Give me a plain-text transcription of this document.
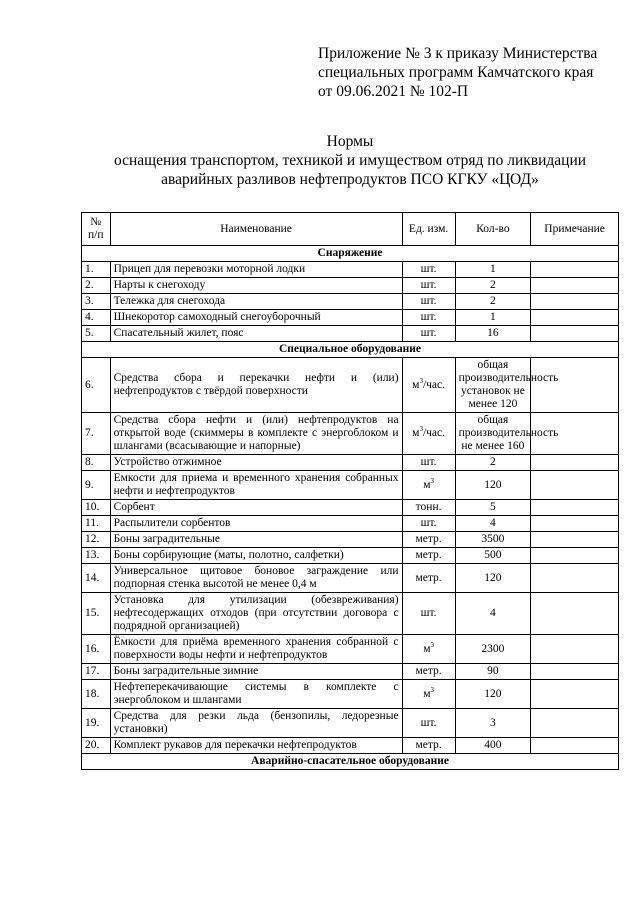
Приложение № 3 к приказу Министерства
специальных программ Камчатского края
от 09.06.2021 № 102-П
Нормы
оснащения транспортом, техникой и имуществом отряд по ликвидации
аварийных разливов нефтепродуктов ПСО КГКУ «ЦОД»
№ п/п	Наименование	Ед. изм.	Кол-во	Примечание
Снаряжение				
1.	Прицеп для перевозки моторной лодки	шт.	1	
2.	Нарты к снегоходу	шт.	2	
3.	Тележка для снегохода	шт.	2	
4.	Шнекоротор самоходный снегоуборочный	шт.	1	
5.	Спасательный жилет, пояс	шт.	16	
Специальное оборудование				
6.	Средства сбора и перекачки нефти и (или) нефтепродуктов с твёрдой поверхности	$м^3$/час.	общая производительность установок не менее 120	
7.	Средства сбора нефти и (или) нефтепродуктов на открытой воде (скиммеры в комплекте с энергоблоком и шлангами (всасывающие и напорные)	$м^3$/час.	общая производительность не менее 160	
8.	Устройство отжимное	шт.	2	
9.	Емкости для приема и временного хранения собранных нефти и нефтепродуктов	$м^3$	120	
10.	Сорбент	тонн.	5	
11.	Распылители сорбентов	шт.	4	
12.	Боны заградительные	метр.	3500	
13.	Боны сорбирующие (маты, полотно, салфетки)	метр.	500	
14.	Универсальное щитовое боновое заграждение или подпорная стенка высотой не менее 0,4 м	метр.	120	
15.	Установка для утилизации (обезвреживания) нефтесодержащих отходов (при отсутствии договора с подрядной организацией)	шт.	4	
16.	Ёмкости для приёма временного хранения собранной с поверхности воды нефти и нефтепродуктов	$м^3$	2300	
17.	Боны заградительные зимние	метр.	90	
18.	Нефтеперекачивающие системы в комплекте с энергоблоком и шлангами	$м^3$	120	
19.	Средства для резки льда (бензопилы, ледорезные установки)	шт.	3	
20.	Комплект рукавов для перекачки нефтепродуктов	метр.	400	
Аварийно-спасательное оборудование				
